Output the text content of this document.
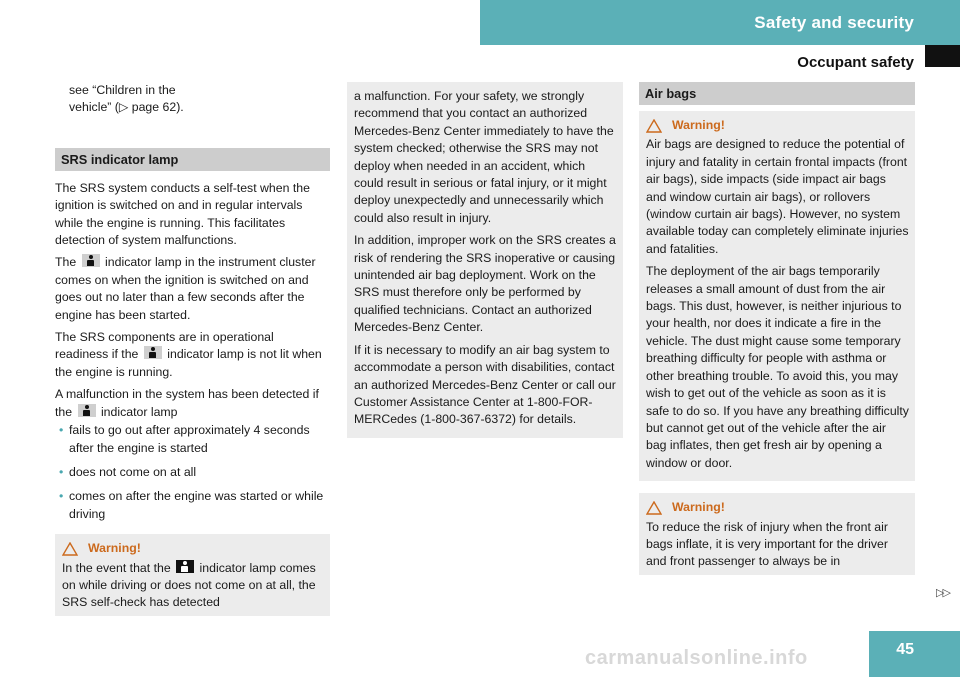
Safety and security
Occupant safety
see “Children in the
vehicle” (▷ page 62).
SRS indicator lamp

The SRS system conducts a self-test when the ignition is switched on and in regular intervals while the engine is running. This facilitates detection of system malfunctions.

The indicator lamp in the instrument cluster comes on when the ignition is switched on and goes out no later than a few seconds after the engine has been started.

The SRS components are in operational readiness if the indicator lamp is not lit when the engine is running.

A malfunction in the system has been detected if the indicator lamp

• fails to go out after approximately 4 seconds after the engine is started
• does not come on at all
• comes on after the engine was started or while driving
Warning!
In the event that the indicator lamp comes on while driving or does not come on at all, the SRS self-check has detected

a malfunction. For your safety, we strongly recommend that you contact an authorized Mercedes-Benz Center immediately to have the system checked; otherwise the SRS may not deploy when needed in an accident, which could result in serious or fatal injury, or it might deploy unexpectedly and unnecessarily which could also result in injury.

In addition, improper work on the SRS creates a risk of rendering the SRS inoperative or causing unintended air bag deployment. Work on the SRS must therefore only be performed by qualified technicians. Contact an authorized Mercedes-Benz Center.

If it is necessary to modify an air bag system to accommodate a person with disabilities, contact an authorized Mercedes-Benz Center or call our Customer Assistance Center at 1-800-FOR-MERCedes (1-800-367-6372) for details.

Air bags
Warning!

Air bags are designed to reduce the potential of injury and fatality in certain frontal impacts (front air bags), side impacts (side impact air bags and window curtain air bags), or rollovers (window curtain air bags). However, no system available today can completely eliminate injuries and fatalities.

The deployment of the air bags temporarily releases a small amount of dust from the air bags. This dust, however, is neither injurious to your health, nor does it indicate a fire in the vehicle. The dust might cause some temporary breathing difficulty for people with asthma or other breathing trouble. To avoid this, you may wish to get out of the vehicle as soon as it is safe to do so. If you have any breathing difficulty but cannot get out of the vehicle after the air bag inflates, then get fresh air by opening a window or door.

Warning!
To reduce the risk of injury when the front air bags inflate, it is very important for the driver and front passenger to always be in
▷▷
carmanualsonline.info	45
